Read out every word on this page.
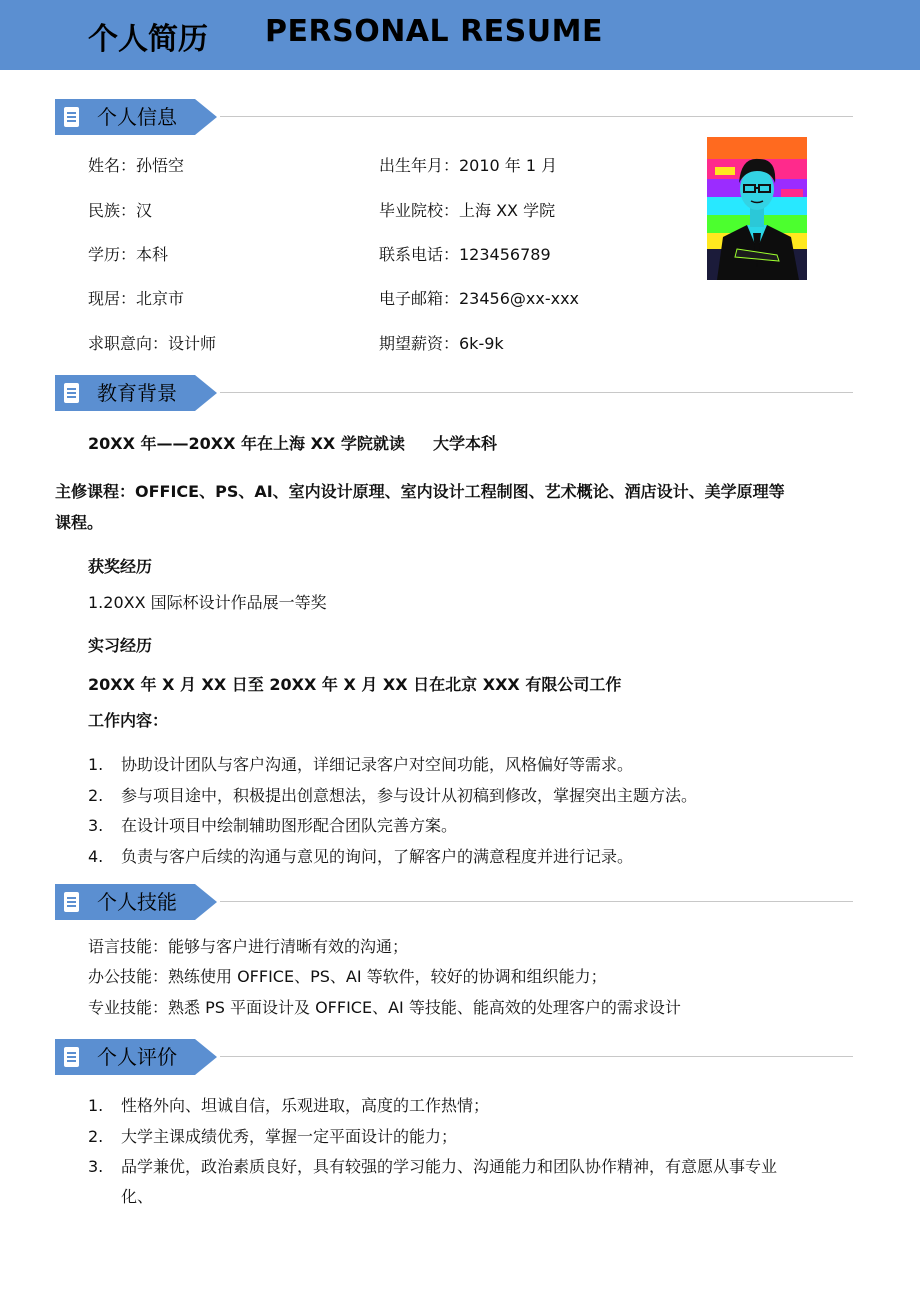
个人简历 PERSONAL RESUME
个人信息
姓名：孙悟空
民族：汉
学历：本科
现居：北京市
求职意向：设计师
出生年月：2010 年 1 月
毕业院校：上海 XX 学院
联系电话：123456789
电子邮箱：23456@xx-xxx
期望薪资：6k-9k
教育背景
20XX 年——20XX 年在上海 XX 学院就读 大学本科
主修课程：OFFICE、PS、AI、室内设计原理、室内设计工程制图、艺术概论、酒店设计、美学原理等
课程。
获奖经历
1.20XX 国际杯设计作品展一等奖
实习经历
20XX 年 X 月 XX 日至 20XX 年 X 月 XX 日在北京 XXX 有限公司工作
工作内容：
1. 协助设计团队与客户沟通，详细记录客户对空间功能，风格偏好等需求。
2. 参与项目途中，积极提出创意想法，参与设计从初稿到修改，掌握突出主题方法。
3. 在设计项目中绘制辅助图形配合团队完善方案。
4. 负责与客户后续的沟通与意见的询问，了解客户的满意程度并进行记录。
个人技能
语言技能：能够与客户进行清晰有效的沟通；
办公技能：熟练使用 OFFICE、PS、AI 等软件，较好的协调和组织能力；
专业技能：熟悉 PS 平面设计及 OFFICE、AI 等技能、能高效的处理客户的需求设计
个人评价
1. 性格外向、坦诚自信，乐观进取，高度的工作热情；
2. 大学主课成绩优秀，掌握一定平面设计的能力；
3. 品学兼优，政治素质良好，具有较强的学习能力、沟通能力和团队协作精神，有意愿从事专业
化、
